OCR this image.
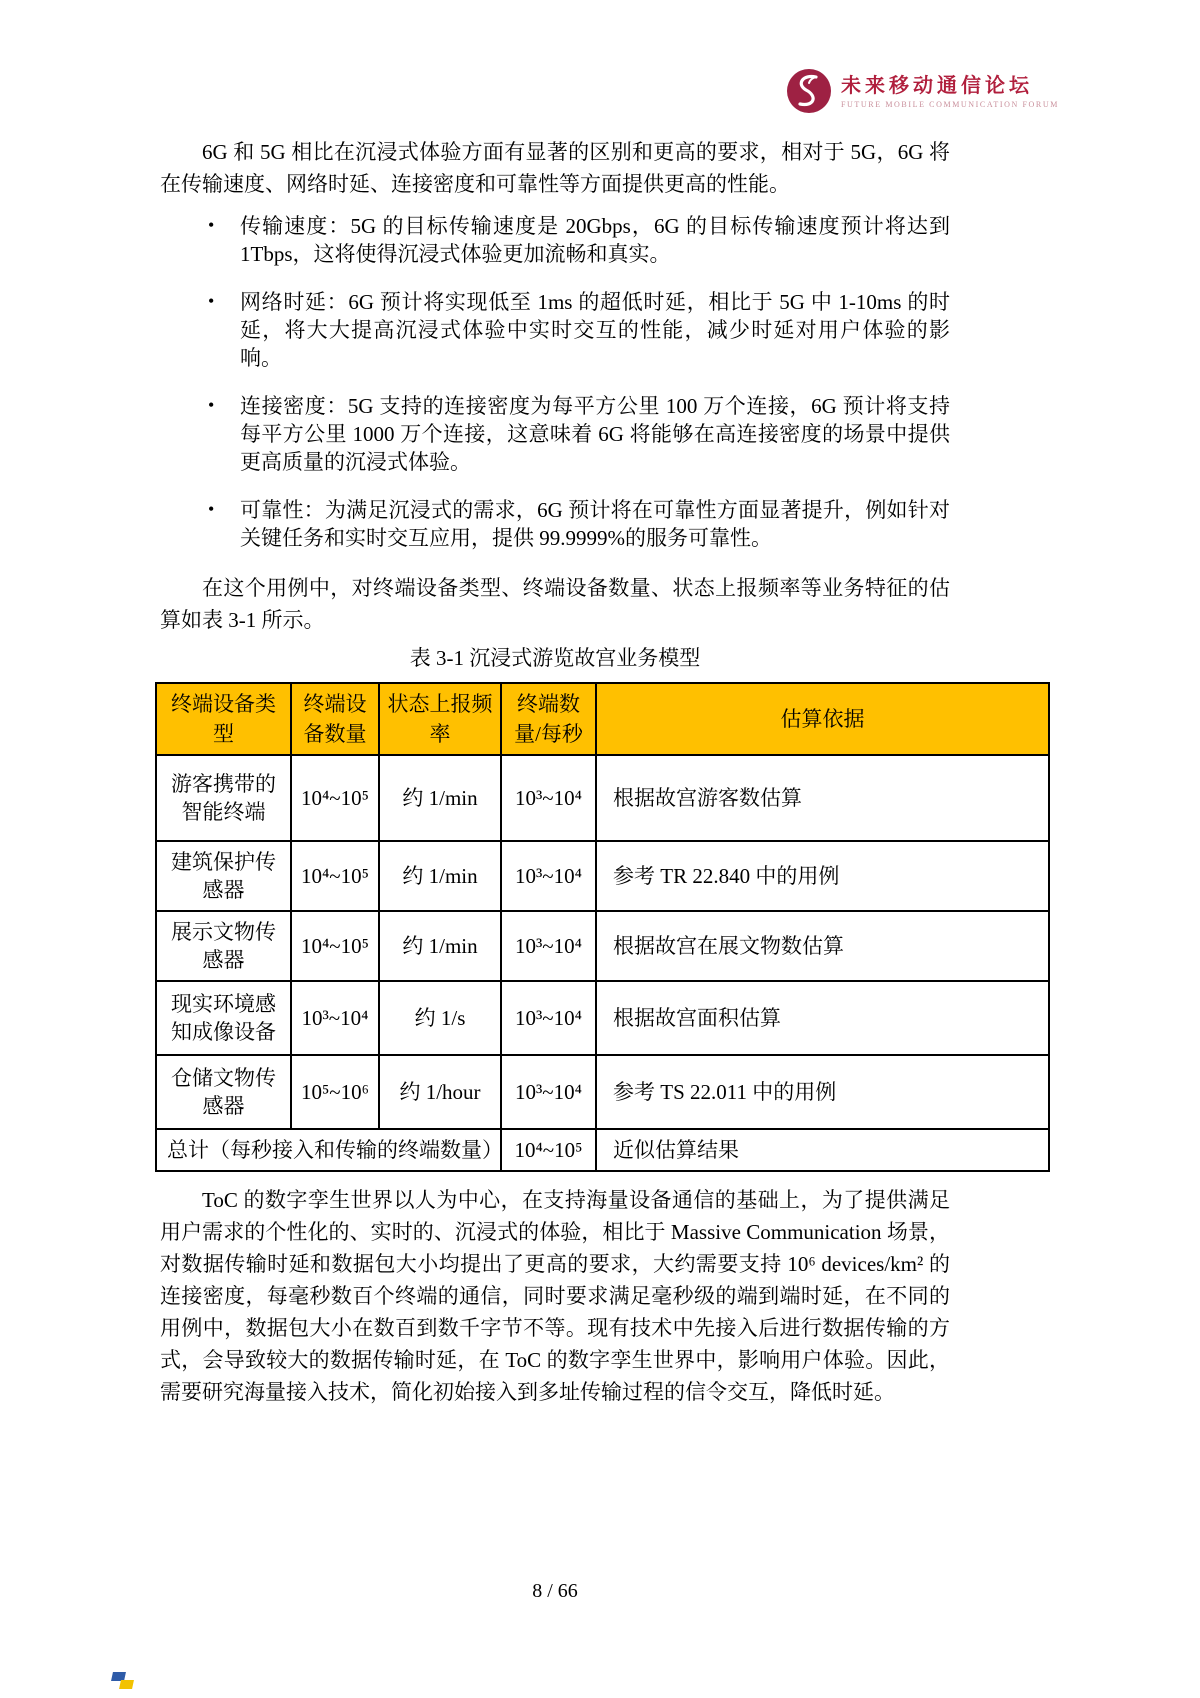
未来移动通信论坛
FUTURE MOBILE COMMUNICATION FORUM

6G 和 5G 相比在沉浸式体验方面有显著的区别和更高的要求，相对于 5G，6G 将在传输速度、网络时延、连接密度和可靠性等方面提供更高的性能。

• 传输速度：5G 的目标传输速度是 20Gbps，6G 的目标传输速度预计将达到 1Tbps，这将使得沉浸式体验更加流畅和真实。
• 网络时延：6G 预计将实现低至 1ms 的超低时延，相比于 5G 中 1-10ms 的时延，将大大提高沉浸式体验中实时交互的性能，减少时延对用户体验的影响。
• 连接密度：5G 支持的连接密度为每平方公里 100 万个连接，6G 预计将支持每平方公里 1000 万个连接，这意味着 6G 将能够在高连接密度的场景中提供更高质量的沉浸式体验。
• 可靠性：为满足沉浸式的需求，6G 预计将在可靠性方面显著提升，例如针对关键任务和实时交互应用，提供 99.9999%的服务可靠性。

在这个用例中，对终端设备类型、终端设备数量、状态上报频率等业务特征的估算如表 3-1 所示。

表 3-1 沉浸式游览故宫业务模型
终端设备类型	终端设备数量	状态上报频率	终端数量/每秒	估算依据
游客携带的智能终端	10⁴~10⁵	约 1/min	10³~10⁴	根据故宫游客数估算
建筑保护传感器	10⁴~10⁵	约 1/min	10³~10⁴	参考 TR 22.840 中的用例
展示文物传感器	10⁴~10⁵	约 1/min	10³~10⁴	根据故宫在展文物数估算
现实环境感知成像设备	10³~10⁴	约 1/s	10³~10⁴	根据故宫面积估算
仓储文物传感器	10⁵~10⁶	约 1/hour	10³~10⁴	参考 TS 22.011 中的用例
总计（每秒接入和传输的终端数量）			10⁴~10⁵	近似估算结果

ToC 的数字孪生世界以人为中心，在支持海量设备通信的基础上，为了提供满足用户需求的个性化的、实时的、沉浸式的体验，相比于 Massive Communication 场景，对数据传输时延和数据包大小均提出了更高的要求，大约需要支持 10⁶ devices/km² 的连接密度，每毫秒数百个终端的通信，同时要求满足毫秒级的端到端时延，在不同的用例中，数据包大小在数百到数千字节不等。现有技术中先接入后进行数据传输的方式，会导致较大的数据传输时延，在 ToC 的数字孪生世界中，影响用户体验。因此，需要研究海量接入技术，简化初始接入到多址传输过程的信令交互，降低时延。

8 / 66
